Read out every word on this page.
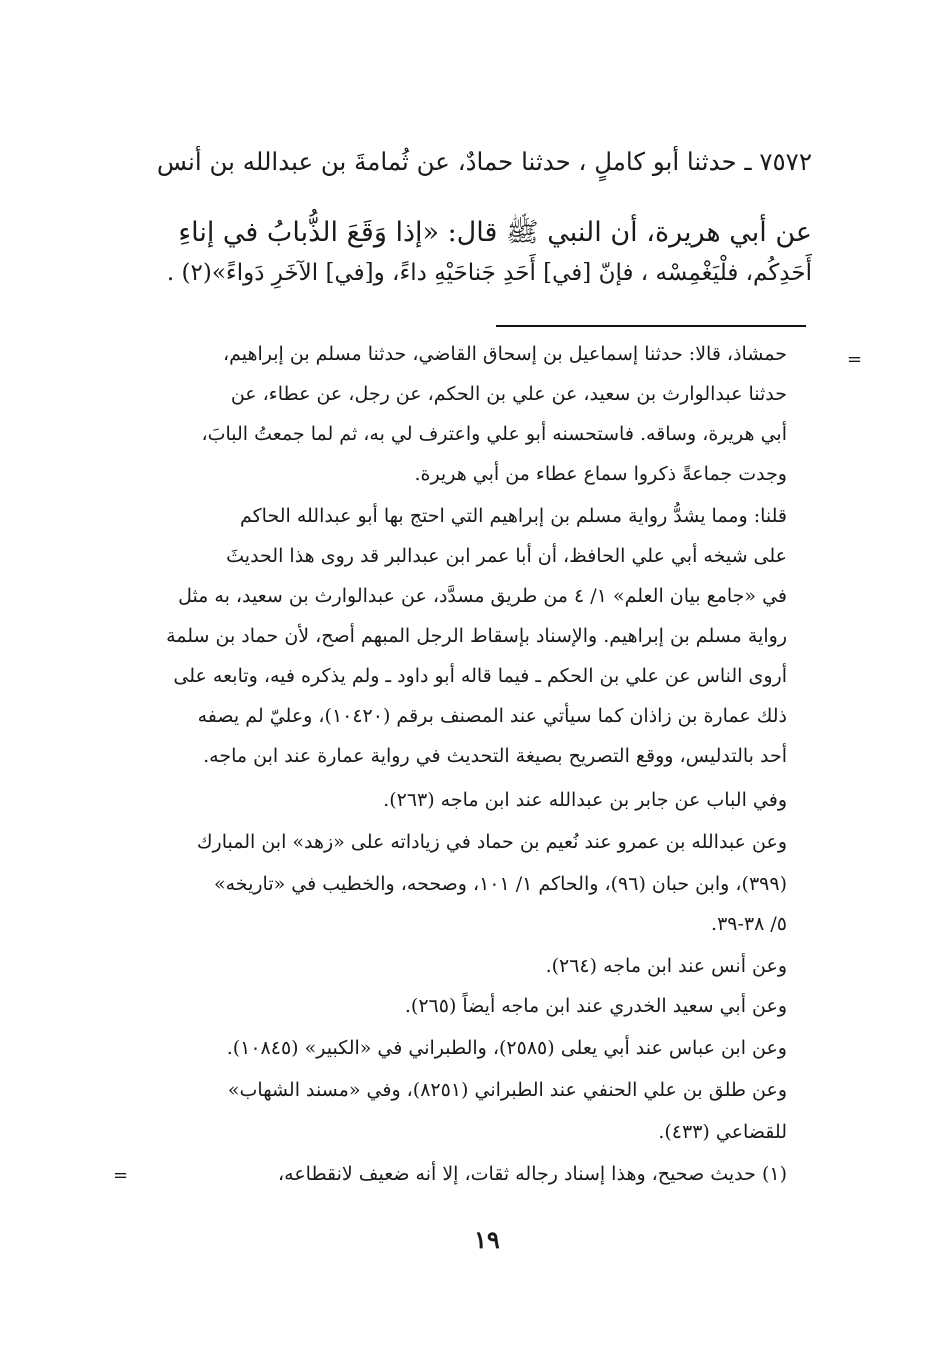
٧٥٧٢ ـ حدثنا أبو كاملٍ ، حدثنا حمادٌ، عن ثُمامةَ بن عبدالله بن أنس
عن أبي هريرة، أن النبي ﷺ قال: «إذا وَقَعَ الذُّبابُ في إناءِ
أَحَدِكُم، فلْيَغْمِسْه ، فإنّ [في] أَحَدِ جَناحَيْهِ داءً، و[في] الآخَرِ دَواءً»(٢) .
=
حمشاذ، قالا: حدثنا إسماعيل بن إسحاق القاضي، حدثنا مسلم بن إبراهيم،
حدثنا عبدالوارث بن سعيد، عن علي بن الحكم، عن رجل، عن عطاء، عن
أبي هريرة، وساقه. فاستحسنه أبو علي واعترف لي به، ثم لما جمعتُ البابَ،
وجدت جماعةً ذكروا سماع عطاء من أبي هريرة.
قلنا: ومما يشدُّ رواية مسلم بن إبراهيم التي احتج بها أبو عبدالله الحاكم
على شيخه أبي علي الحافظ، أن أبا عمر ابن عبدالبر قد روى هذا الحديثَ
في «جامع بيان العلم» ١/ ٤ من طريق مسدَّد، عن عبدالوارث بن سعيد، به مثل
رواية مسلم بن إبراهيم. والإسناد بإسقاط الرجل المبهم أصح، لأن حماد بن سلمة
أروى الناس عن علي بن الحكم ـ فيما قاله أبو داود ـ ولم يذكره فيه، وتابعه على
ذلك عمارة بن زاذان كما سيأتي عند المصنف برقم (١٠٤٢٠)، وعليّ لم يصفه
أحد بالتدليس، ووقع التصريح بصيغة التحديث في رواية عمارة عند ابن ماجه.
وفي الباب عن جابر بن عبدالله عند ابن ماجه (٢٦٣).
وعن عبدالله بن عمرو عند نُعيم بن حماد في زياداته على «زهد» ابن المبارك
(٣٩٩)، وابن حبان (٩٦)، والحاكم ١/ ١٠١، وصححه، والخطيب في «تاريخه»
٥/ ٣٨-٣٩.
وعن أنس عند ابن ماجه (٢٦٤).
وعن أبي سعيد الخدري عند ابن ماجه أيضاً (٢٦٥).
وعن ابن عباس عند أبي يعلى (٢٥٨٥)، والطبراني في «الكبير» (١٠٨٤٥).
وعن طلق بن علي الحنفي عند الطبراني (٨٢٥١)، وفي «مسند الشهاب»
للقضاعي (٤٣٣).
(١) حديث صحيح، وهذا إسناد رجاله ثقات، إلا أنه ضعيف لانقطاعه،
=
١٩
